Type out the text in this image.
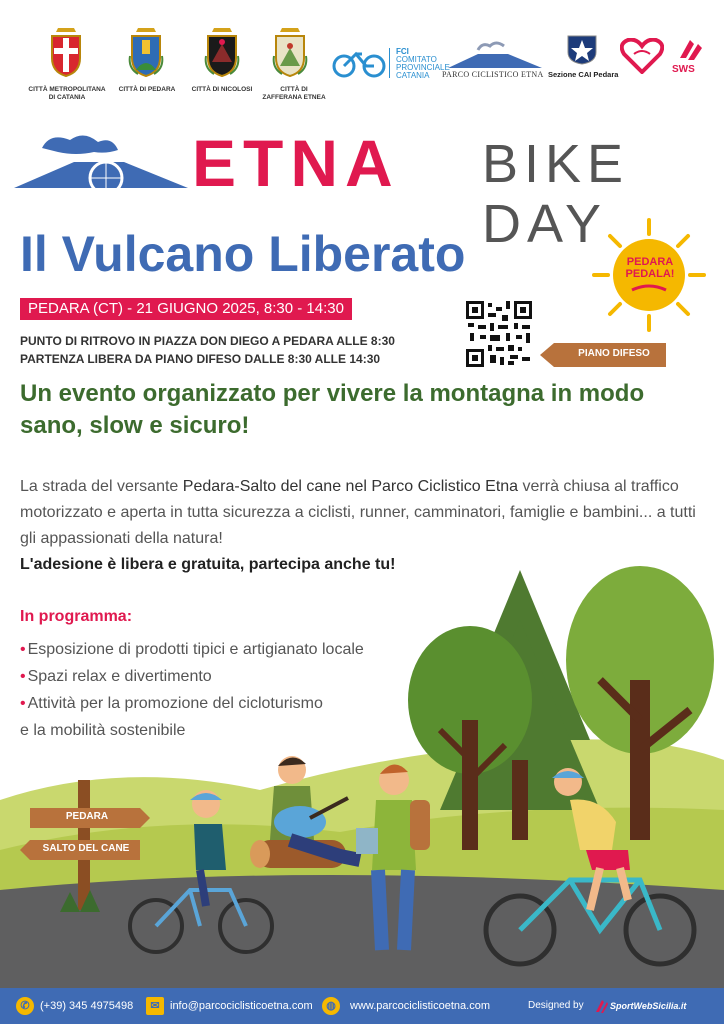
CITTÀ METROPOLITANA
DI CATANIA
CITTÀ DI PEDARA	CITTÀ DI NICOLOSI	CITTÀ DI
ZAFFERANA ETNEA
FCI
COMITATO
PROVINCIALE
CATANIA	PARCO CICLISTICO ETNA Sezione CAI Pedara	SWS
ETNA BIKE DAY
Il Vulcano Liberato	PEDARA
PEDALA!
PEDARA (CT) - 21 GIUGNO 2025, 8:30 - 14:30
PUNTO DI RITROVO IN PIAZZA DON DIEGO A PEDARA ALLE 8:30
PARTENZA LIBERA DA PIANO DIFESO DALLE 8:30 ALLE 14:30	PIANO DIFESO
Un evento organizzato per vivere la montagna in modo sano, slow e sicuro!
La strada del versante Pedara-Salto del cane nel Parco Ciclistico Etna verrà chiusa al traffico motorizzato e aperta in tutta sicurezza a ciclisti, runner, camminatori, famiglie e bambini... a tutti gli appassionati della natura!
L'adesione è libera e gratuita, partecipa anche tu!
PEDARA
SALTO DEL CANE
In programma:
• Esposizione di prodotti tipici e artigianato locale
• Spazi relax e divertimento
• Attività per la promozione del cicloturismo
e la mobilità sostenibile
✆ (+39) 345 4975498	✉ info@parcociclisticoetna.com	◍	www.parcociclisticoetna.com	Designed by	SportWebSicilia.it
